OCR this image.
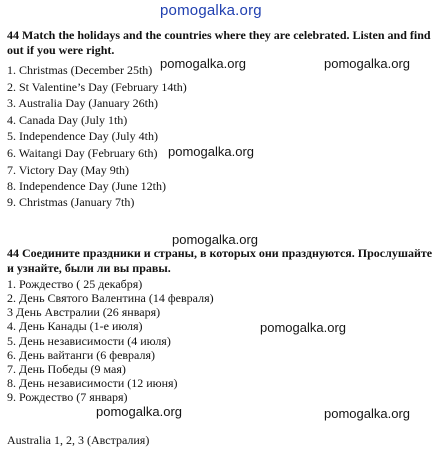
pomogalka.org

44 Match the holidays and the countries where they are celebrated. Listen and find out if you were right.

1. Christmas (December 25th)

2. St Valentine’s Day (February 14th)

3. Australia Day (January 26th)

4. Canada Day (July 1th)

5. Independence Day (July 4th)

6. Waitangi Day (February 6th)

7. Victory Day (May 9th)

8. Independence Day (June 12th)

9. Christmas (January 7th)

44 Соедините праздники и страны, в которых они празднуются. Прослушайте и узнайте, были ли вы правы.

1. Рождество ( 25 декабря)

2. День Святого Валентина (14 февраля)

3 День Австралии (26 января)

4. День Канады (1-е июля)

5. День независимости (4 июля)

6. День вайтанги (6 февраля)

7. День Победы (9 мая)

8. День независимости (12 июня)

9. Рождество (7 января)

Australia 1, 2, 3 (Австралия)

pomogalka.org	pomogalka.org
pomogalka.org
pomogalka.org
pomogalka.org
pomogalka.org	pomogalka.org
